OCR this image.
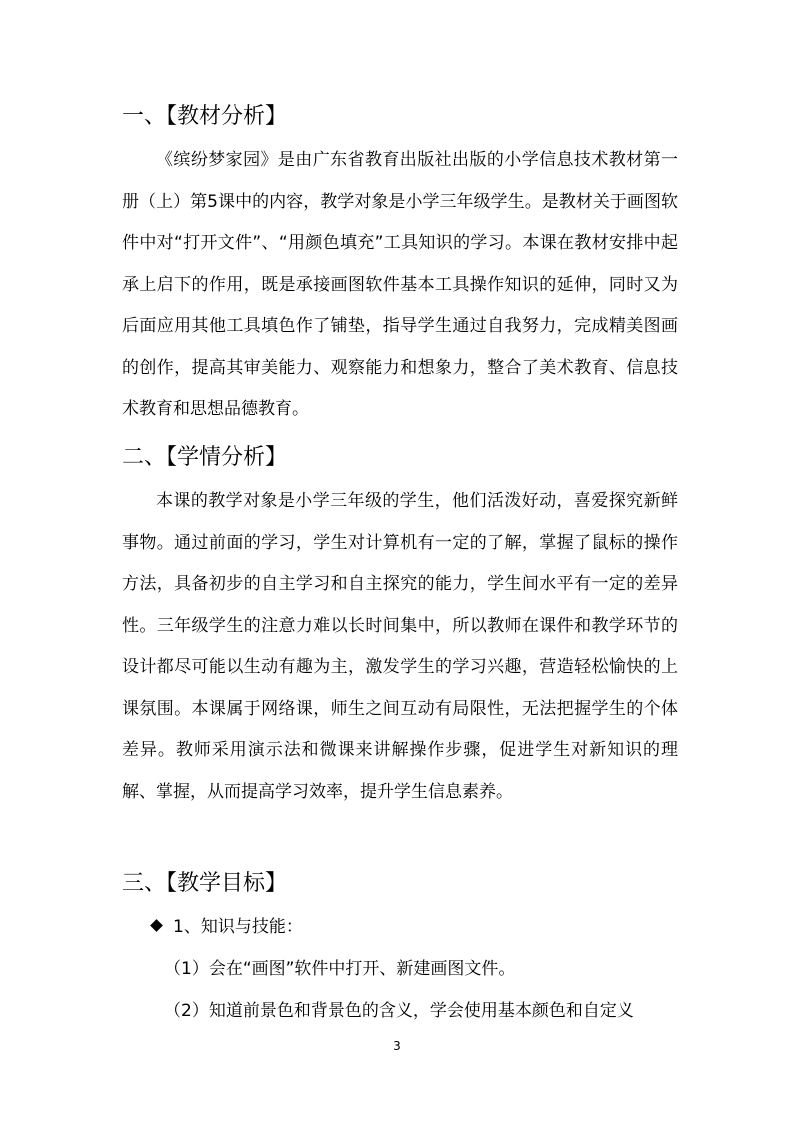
一、【教材分析】
《缤纷梦家园》是由广东省教育出版社出版的小学信息技术教材第一册（上）第5课中的内容，教学对象是小学三年级学生。是教材关于画图软件中对“打开文件”、“用颜色填充”工具知识的学习。本课在教材安排中起承上启下的作用，既是承接画图软件基本工具操作知识的延伸，同时又为后面应用其他工具填色作了铺垫，指导学生通过自我努力，完成精美图画的创作，提高其审美能力、观察能力和想象力，整合了美术教育、信息技术教育和思想品德教育。
二、【学情分析】
本课的教学对象是小学三年级的学生，他们活泼好动，喜爱探究新鲜事物。通过前面的学习，学生对计算机有一定的了解，掌握了鼠标的操作方法，具备初步的自主学习和自主探究的能力，学生间水平有一定的差异性。三年级学生的注意力难以长时间集中，所以教师在课件和教学环节的设计都尽可能以生动有趣为主，激发学生的学习兴趣，营造轻松愉快的上课氛围。本课属于网络课，师生之间互动有局限性，无法把握学生的个体差异。教师采用演示法和微课来讲解操作步骤，促进学生对新知识的理解、掌握，从而提高学习效率，提升学生信息素养。
三、【教学目标】
1、知识与技能：
（1）会在“画图”软件中打开、新建画图文件。
（2）知道前景色和背景色的含义，学会使用基本颜色和自定义
3
